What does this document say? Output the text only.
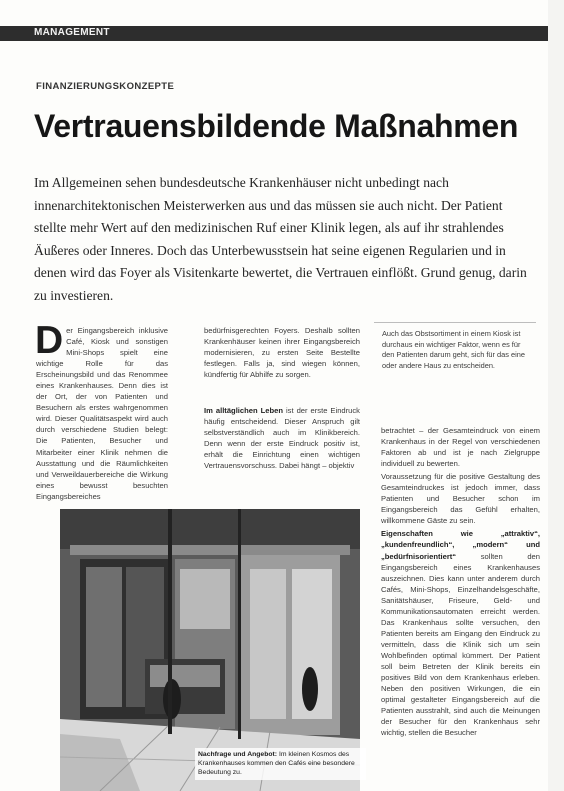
MANAGEMENT
FINANZIERUNGSKONZEPTE
Vertrauensbildende Maßnahmen
Im Allgemeinen sehen bundesdeutsche Krankenhäuser nicht unbedingt nach innenarchitektonischen Meisterwerken aus und das müssen sie auch nicht. Der Patient stellte mehr Wert auf den medizinischen Ruf einer Klinik legen, als auf ihr strahlendes Äußeres oder Inneres. Doch das Unterbewusstsein hat seine eigenen Regularien und in denen wird das Foyer als Visitenkarte bewertet, die Vertrauen einflößt. Grund genug, darin zu investieren.
D er Eingangsbereich inklusive Café, Kiosk und sonstigen Mini-Shops spielt eine wichtige Rolle für das Erscheinungsbild und das Renommee eines Krankenhauses. Denn dies ist der Ort, der von Patienten und Besuchern als erstes wahrgenommen wird. Dieser Qualitätsaspekt wird auch durch verschiedene Studien belegt: Die Patienten, Besucher und Mitarbeiter einer Klinik nehmen die Ausstattung und die Räumlichkeiten und Verweildauerbereiche die Wirkung eines bewusst besuchten Eingangsbereiches
bedürfnisgerechten Foyers. Deshalb sollten Krankenhäuser keinen ihrer Eingangsbereich modernisieren, zu ersten Seite Bestellte festlegen. Falls ja, sind wiegen können, kündfertig für Abhilfe zu sorgen.
Im alltäglichen Leben ist der erste Eindruck häufig entscheidend. Dieser Anspruch gilt selbstverständlich auch im Klinikbereich. Denn wenn der erste Eindruck positiv ist, erhält die Einrichtung einen wichtigen Vertrauensvorschuss. Dabei hängt – objektiv
Auch das Obstsortiment in einem Kiosk ist durchaus ein wichtiger Faktor, wenn es für den Patienten darum geht, sich für das eine oder andere Haus zu entscheiden.
betrachtet – der Gesamteindruck von einem Krankenhaus in der Regel von verschiedenen Faktoren ab und ist je nach Zielgruppe individuell zu bewerten.
Voraussetzung für die positive Gestaltung des Gesamteindruckes ist jedoch immer, dass Patienten und Besucher schon im Eingangsbereich das Gefühl erhalten, willkommene Gäste zu sein.
Eigenschaften wie „attraktiv“, „kundenfreundlich“, „modern“ und „bedürfnisorientiert“	sollten den Eingangsbereich eines Krankenhauses auszeichnen. Dies kann unter anderem durch Cafés, Mini-Shops, Einzelhandelsgeschäfte, Sanitätshäuser, Friseure, Geld- und Kommunikationsautomaten erreicht werden. Das Krankenhaus sollte versuchen, den Patienten bereits am Eingang den Eindruck zu vermitteln, dass die Klinik sich um sein Wohlbefinden optimal kümmert. Der Patient soll beim Betreten der Klinik bereits ein positives Bild von dem Krankenhaus erleben. Neben den positiven Wirkungen, die ein optimal gestalteter Eingangsbereich auf die Patienten ausstrahlt, sind auch die Meinungen der Besucher für den Krankenhaus sehr wichtig, stellen die Besucher
Nachfrage und Angebot: Im kleinen Kosmos des Krankenhauses kommen den Cafés eine besondere Bedeutung zu.
